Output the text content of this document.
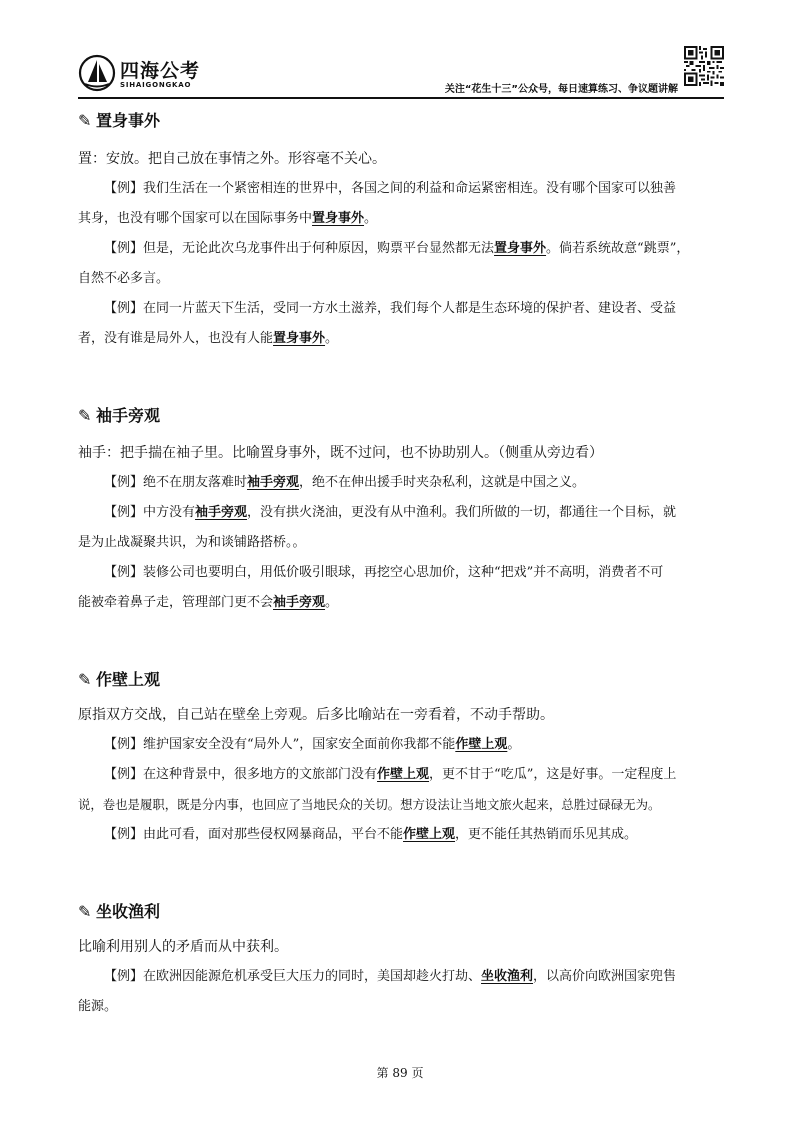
四海公考
SIHAIGONGKAO	关注“花生十三”公众号，每日速算练习、争议题讲解
✎ 置身事外
置：安放。把自己放在事情之外。形容毫不关心。
【例】我们生活在一个紧密相连的世界中，各国之间的利益和命运紧密相连。没有哪个国家可以独善
其身，也没有哪个国家可以在国际事务中置身事外。
【例】但是，无论此次乌龙事件出于何种原因，购票平台显然都无法置身事外。倘若系统故意“跳票”，
自然不必多言。
【例】在同一片蓝天下生活，受同一方水土滋养，我们每个人都是生态环境的保护者、建设者、受益
者，没有谁是局外人，也没有人能置身事外。
✎ 袖手旁观
袖手：把手揣在袖子里。比喻置身事外，既不过问，也不协助别人。（侧重从旁边看）
【例】绝不在朋友落难时袖手旁观，绝不在伸出援手时夹杂私利，这就是中国之义。
【例】中方没有袖手旁观，没有拱火浇油，更没有从中渔利。我们所做的一切，都通往一个目标，就
是为止战凝聚共识，为和谈铺路搭桥。。
【例】装修公司也要明白，用低价吸引眼球，再挖空心思加价，这种“把戏”并不高明，消费者不可
能被牵着鼻子走，管理部门更不会袖手旁观。
✎ 作壁上观
原指双方交战，自己站在壁垒上旁观。后多比喻站在一旁看着，不动手帮助。
【例】维护国家安全没有“局外人”，国家安全面前你我都不能作壁上观。
【例】在这种背景中，很多地方的文旅部门没有作壁上观，更不甘于“吃瓜”，这是好事。一定程度上
说，卷也是履职，既是分内事，也回应了当地民众的关切。想方设法让当地文旅火起来，总胜过碌碌无为。
【例】由此可看，面对那些侵权网暴商品，平台不能作壁上观，更不能任其热销而乐见其成。
✎ 坐收渔利
比喻利用别人的矛盾而从中获利。
【例】在欧洲因能源危机承受巨大压力的同时，美国却趁火打劫、坐收渔利，以高价向欧洲国家兜售
能源。
第 89 页
